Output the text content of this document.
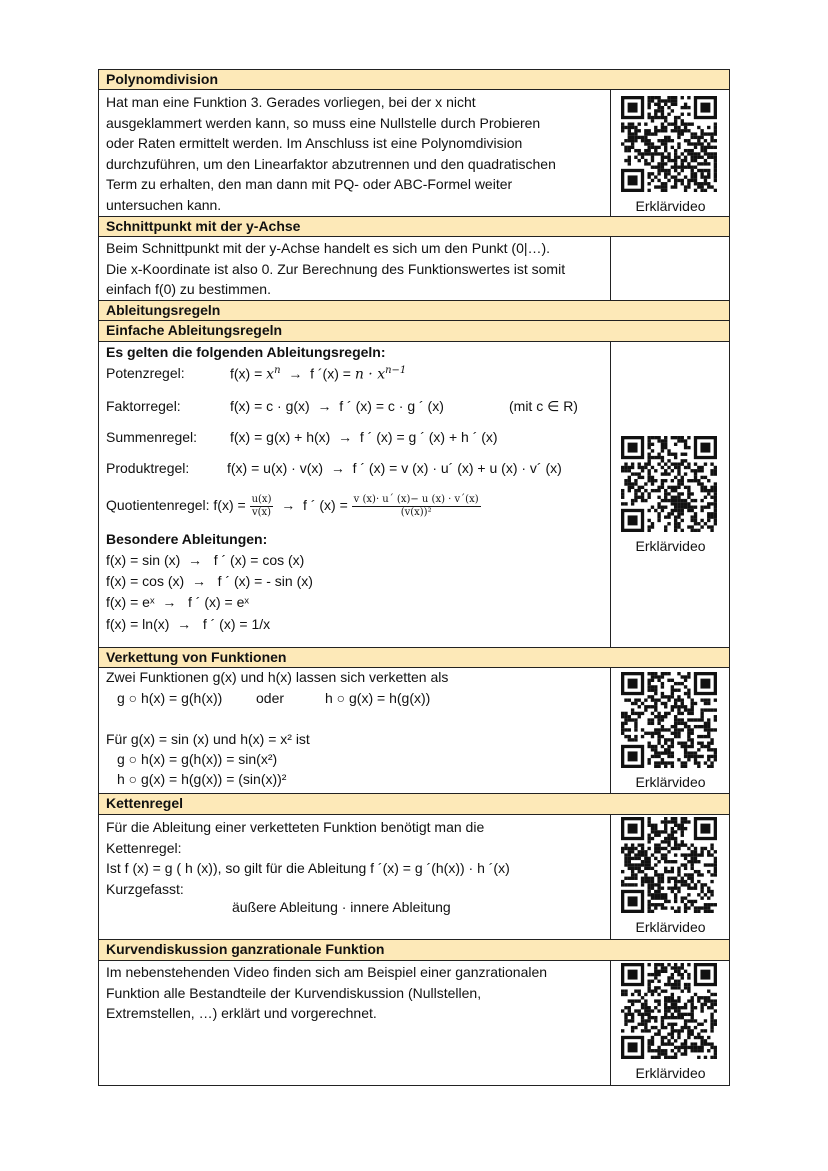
Polynomdivision
Hat man eine Funktion 3. Gerades vorliegen, bei der x nicht
ausgeklammert werden kann, so muss eine Nullstelle durch Probieren
oder Raten ermittelt werden. Im Anschluss ist eine Polynomdivision
durchzuführen, um den Linearfaktor abzutrennen und den quadratischen
Term zu erhalten, den man dann mit PQ- oder ABC-Formel weiter
untersuchen kann.	Erklärvideo
Schnittpunkt mit der y-Achse
Beim Schnittpunkt mit der y-Achse handelt es sich um den Punkt (0|…).
Die x-Koordinate ist also 0. Zur Berechnung des Funktionswertes ist somit
einfach f(0) zu bestimmen.
Ableitungsregeln
Einfache Ableitungsregeln
Es gelten die folgenden Ableitungsregeln:
Potenzregel:	$f(x) = x^n \to f$ ´(x) = $n \cdot x^{n-1}$
Faktorregel:	f(x) = c · g(x)  →  f ´ (x) = c · g ´ (x)	(mit c ∈ R)
Summenregel: f(x) = g(x) + h(x)  →  f ´ (x) = g ´ (x) + h ´ (x)
Produktregel:	f(x) = u(x) · v(x)  →  f ´ (x) = v (x) · u´ (x) + u (x) · v´ (x)
Quotientenregel: $f(x) = \frac{u(x)}{v(x)} \to f$ ´ $(x) = \frac{v (x)\cdot u´ (x)- u (x) \cdot v´(x)}{\text{(v(x))²}}$
Besondere Ableitungen:
f(x) = sin (x)  →   f ´ (x) = cos (x)
f(x) = cos (x)  →   f ´ (x) = - sin (x)
f(x) = eˣ  →   f ´ (x) = eˣ
f(x) = ln(x)  →   f ´ (x) = 1/x
Erklärvideo
Verkettung von Funktionen
Zwei Funktionen g(x) und h(x) lassen sich verketten als
g ○ h(x) = g(h(x)) oder	h ○ g(x) = h(g(x))
Für g(x) = sin (x) und h(x) = x² ist
g ○ h(x) = g(h(x)) = sin(x²)
h ○ g(x) = h(g(x)) = (sin(x))²	Erklärvideo
Kettenregel
Für die Ableitung einer verketteten Funktion benötigt man die
Kettenregel:
Ist f (x) = g ( h (x)), so gilt für die Ableitung f ´(x) = g ´(h(x)) · h ´(x)
Kurzgefasst:
äußere Ableitung · innere Ableitung
Erklärvideo
Kurvendiskussion ganzrationale Funktion
Im nebenstehenden Video finden sich am Beispiel einer ganzrationalen
Funktion alle Bestandteile der Kurvendiskussion (Nullstellen,
Extremstellen, …) erklärt und vorgerechnet.
Erklärvideo
